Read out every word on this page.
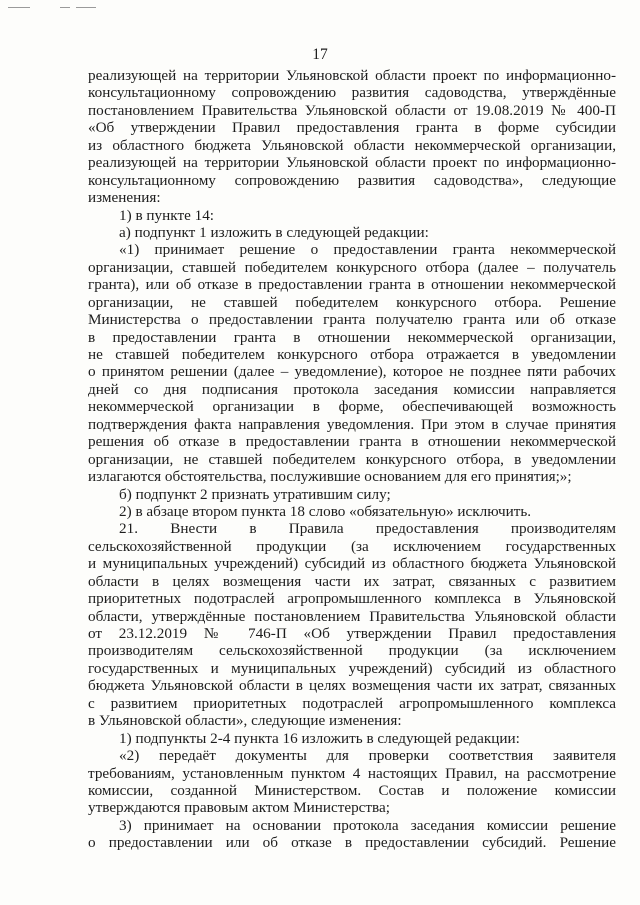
17
реализующей на территории Ульяновской области проект по информационно-
консультационному сопровождению развития садоводства, утверждённые
постановлением Правительства Ульяновской области от 19.08.2019 № 400-П
«Об утверждении Правил предоставления гранта в форме субсидии
из областного бюджета Ульяновской области некоммерческой организации,
реализующей на территории Ульяновской области проект по информационно-
консультационному сопровождению развития садоводства», следующие
изменения:
1) в пункте 14:
а) подпункт 1 изложить в следующей редакции:
«1) принимает решение о предоставлении гранта некоммерческой
организации, ставшей победителем конкурсного отбора (далее – получатель
гранта), или об отказе в предоставлении гранта в отношении некоммерческой
организации, не ставшей победителем конкурсного отбора. Решение
Министерства о предоставлении гранта получателю гранта или об отказе
в предоставлении гранта в отношении некоммерческой организации,
не ставшей победителем конкурсного отбора отражается в уведомлении
о принятом решении (далее – уведомление), которое не позднее пяти рабочих
дней со дня подписания протокола заседания комиссии направляется
некоммерческой организации в форме, обеспечивающей возможность
подтверждения факта направления уведомления. При этом в случае принятия
решения об отказе в предоставлении гранта в отношении некоммерческой
организации, не ставшей победителем конкурсного отбора, в уведомлении
излагаются обстоятельства, послужившие основанием для его принятия;»;
б) подпункт 2 признать утратившим силу;
2) в абзаце втором пункта 18 слово «обязательную» исключить.
21. Внести в Правила предоставления производителям
сельскохозяйственной продукции (за исключением государственных
и муниципальных учреждений) субсидий из областного бюджета Ульяновской
области в целях возмещения части их затрат, связанных с развитием
приоритетных подотраслей агропромышленного комплекса в Ульяновской
области, утверждённые постановлением Правительства Ульяновской области
от 23.12.2019 № 746-П «Об утверждении Правил предоставления
производителям сельскохозяйственной продукции (за исключением
государственных и муниципальных учреждений) субсидий из областного
бюджета Ульяновской области в целях возмещения части их затрат, связанных
с развитием приоритетных подотраслей агропромышленного комплекса
в Ульяновской области», следующие изменения:
1) подпункты 2-4 пункта 16 изложить в следующей редакции:
«2) передаёт документы для проверки соответствия заявителя
требованиям, установленным пунктом 4 настоящих Правил, на рассмотрение
комиссии, созданной Министерством. Состав и положение комиссии
утверждаются правовым актом Министерства;
3) принимает на основании протокола заседания комиссии решение
о предоставлении или об отказе в предоставлении субсидий. Решение
